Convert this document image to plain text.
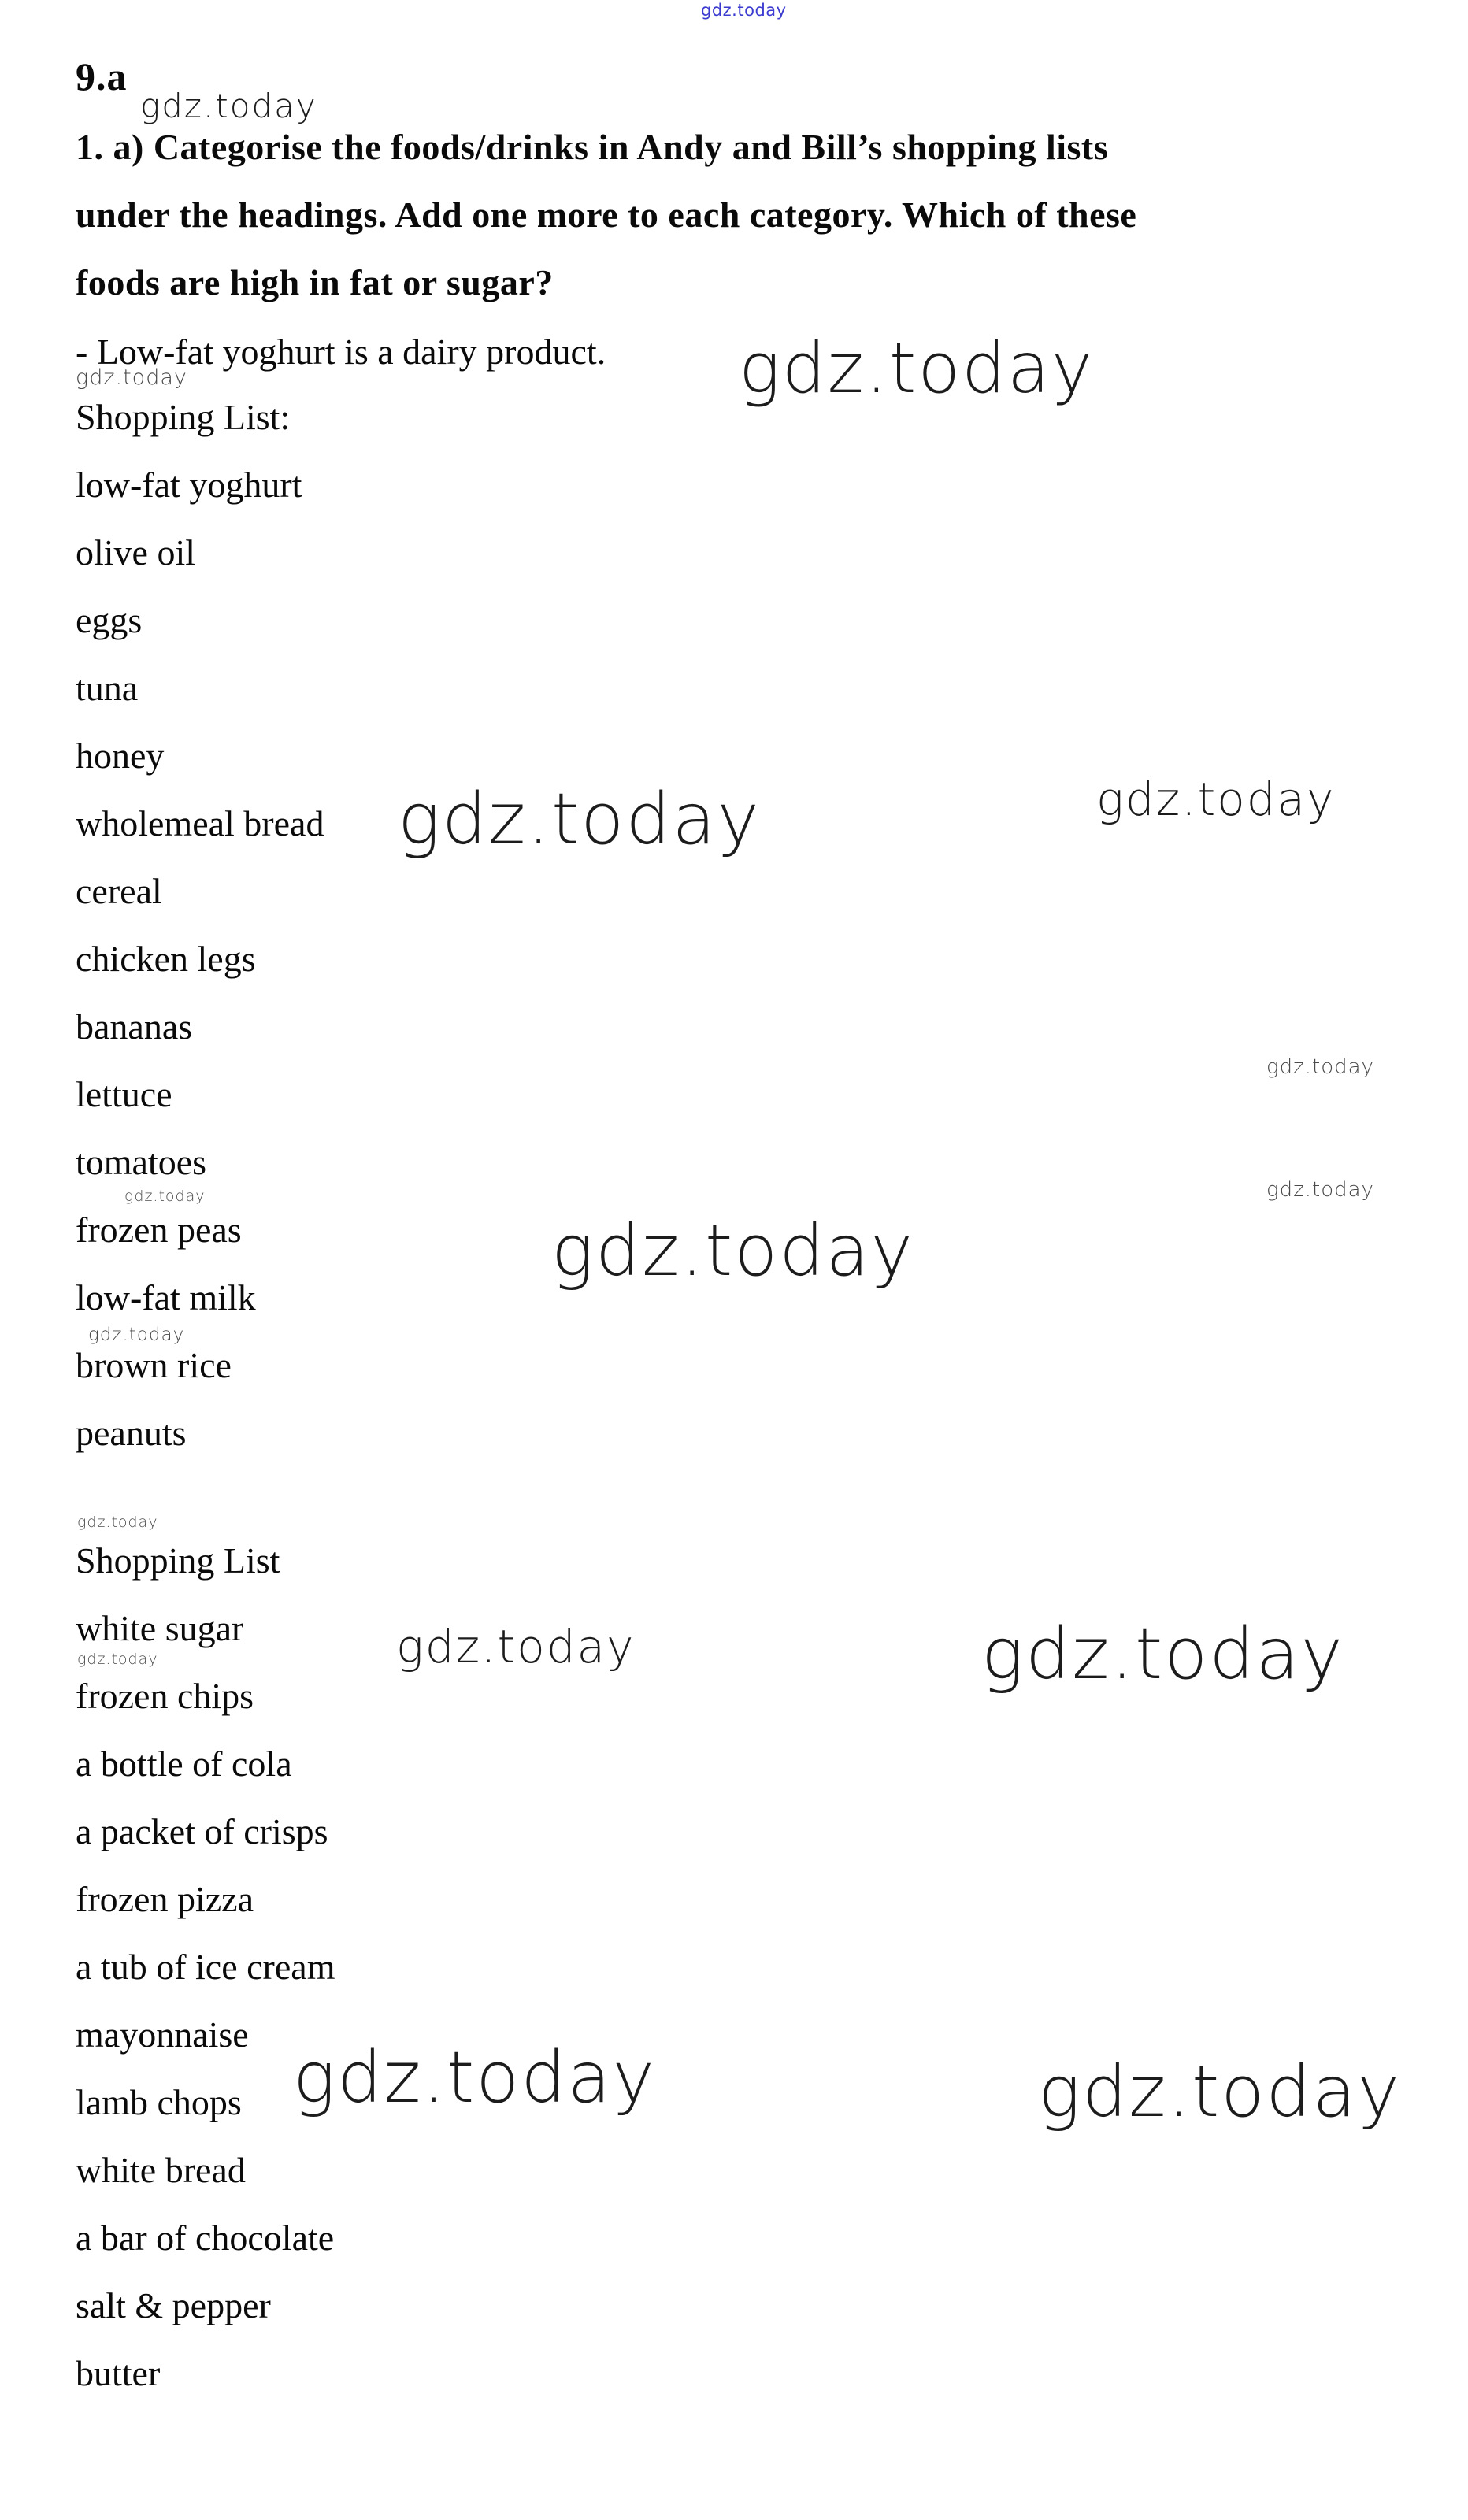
gdz.today
9.a
1. a) Categorise the foods/drinks in Andy and Bill’s shopping lists
under the headings. Add one more to each category. Which of these
foods are high in fat or sugar?
- Low-fat yoghurt is a dairy product.
Shopping List:
low-fat yoghurt
olive oil
eggs
tuna
honey
wholemeal bread
cereal
chicken legs
bananas
lettuce
tomatoes
frozen peas
low-fat milk
brown rice
peanuts
Shopping List
white sugar
frozen chips
a bottle of cola
a packet of crisps
frozen pizza
a tub of ice cream
mayonnaise
lamb chops
white bread
a bar of chocolate
salt & pepper
butter
gdz.today
gdz.today
gdz.today
gdz.today	gdz.today
gdz.today
gdz.today
gdz.today
gdz.today
gdz.today
gdz.today
gdz.today	gdz.today	gdz.today
gdz.today	gdz.today
